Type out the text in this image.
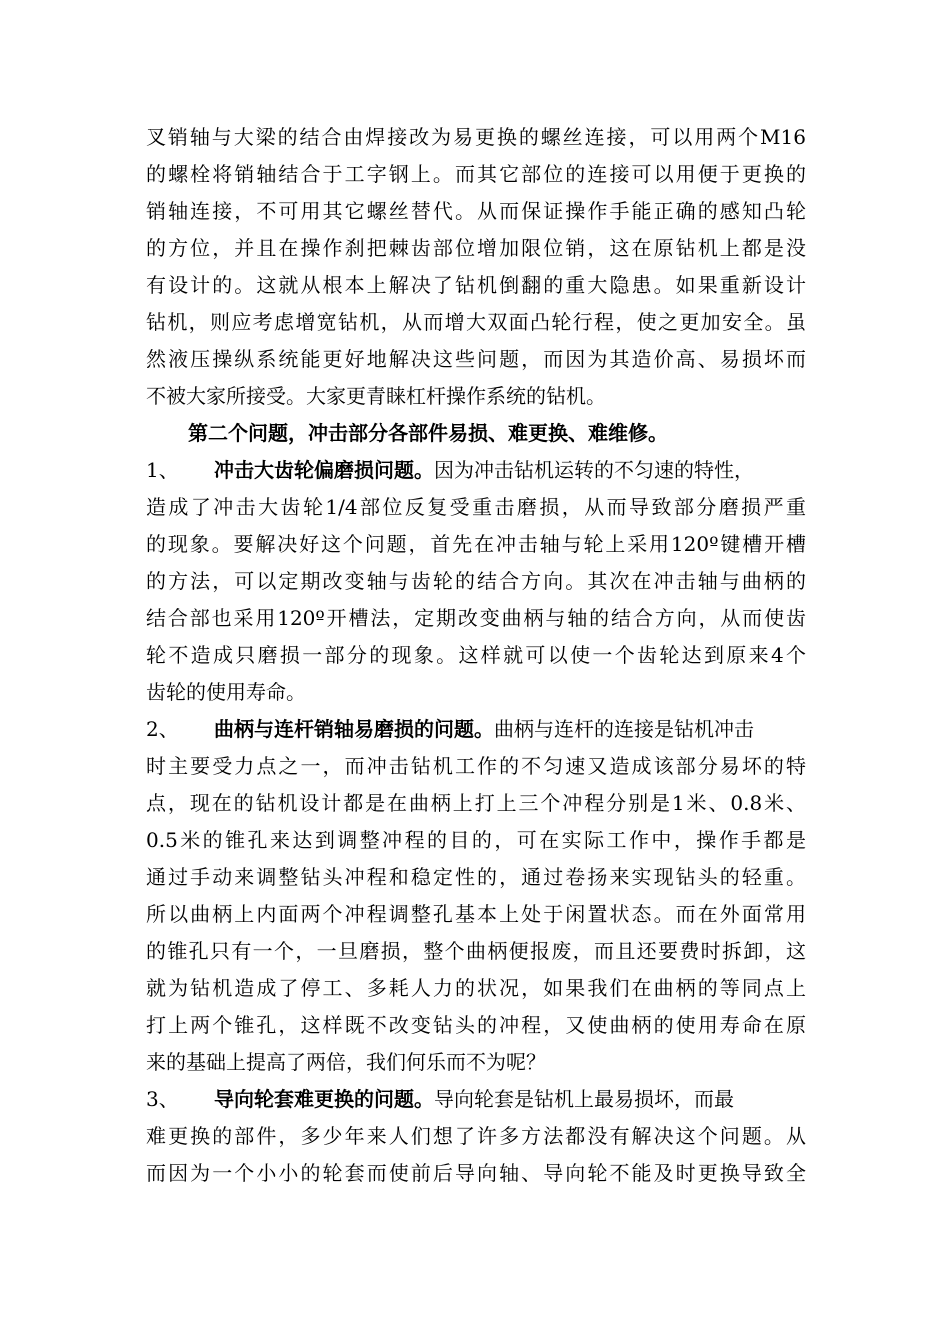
叉销轴与大梁的结合由焊接改为易更换的螺丝连接，可以用两个M16
的螺栓将销轴结合于工字钢上。而其它部位的连接可以用便于更换的
销轴连接，不可用其它螺丝替代。从而保证操作手能正确的感知凸轮
的方位，并且在操作刹把棘齿部位增加限位销，这在原钻机上都是没
有设计的。这就从根本上解决了钻机倒翻的重大隐患。如果重新设计
钻机，则应考虑增宽钻机，从而增大双面凸轮行程，使之更加安全。虽
然液压操纵系统能更好地解决这些问题，而因为其造价高、易损坏而
不被大家所接受。大家更青睐杠杆操作系统的钻机。
第二个问题，冲击部分各部件易损、难更换、难维修。
1、 冲击大齿轮偏磨损问题。因为冲击钻机运转的不匀速的特性，
造成了冲击大齿轮1/4部位反复受重击磨损，从而导致部分磨损严重
的现象。要解决好这个问题，首先在冲击轴与轮上采用120º键槽开槽
的方法，可以定期改变轴与齿轮的结合方向。其次在冲击轴与曲柄的
结合部也采用120º开槽法，定期改变曲柄与轴的结合方向，从而使齿
轮不造成只磨损一部分的现象。这样就可以使一个齿轮达到原来4个
齿轮的使用寿命。
2、 曲柄与连杆销轴易磨损的问题。曲柄与连杆的连接是钻机冲击
时主要受力点之一，而冲击钻机工作的不匀速又造成该部分易坏的特
点，现在的钻机设计都是在曲柄上打上三个冲程分别是1米、0.8米、
0.5米的锥孔来达到调整冲程的目的，可在实际工作中，操作手都是
通过手动来调整钻头冲程和稳定性的，通过卷扬来实现钻头的轻重。
所以曲柄上内面两个冲程调整孔基本上处于闲置状态。而在外面常用
的锥孔只有一个，一旦磨损，整个曲柄便报废，而且还要费时拆卸，这
就为钻机造成了停工、多耗人力的状况，如果我们在曲柄的等同点上
打上两个锥孔，这样既不改变钻头的冲程，又使曲柄的使用寿命在原
来的基础上提高了两倍，我们何乐而不为呢？
3、 导向轮套难更换的问题。导向轮套是钻机上最易损坏，而最
难更换的部件，多少年来人们想了许多方法都没有解决这个问题。从
而因为一个小小的轮套而使前后导向轴、导向轮不能及时更换导致全
